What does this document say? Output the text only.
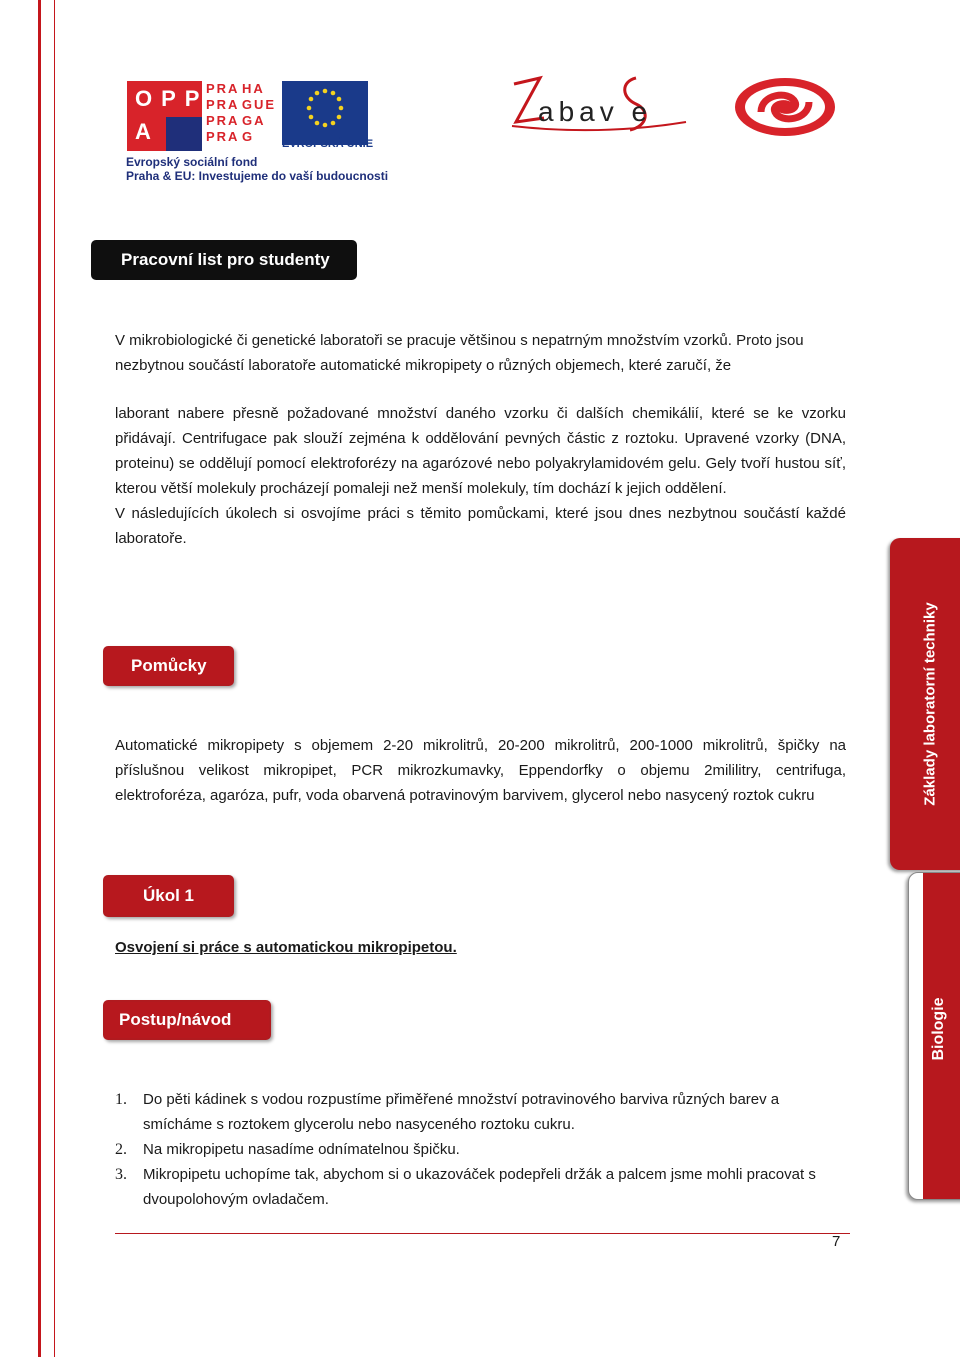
OPP
A
PRA HA
PRA GUE
PRA GA
PRA G	EVROPSKÁ UNIE
Evropský sociální fond
Praha & EU: Investujeme do vaší budoucnosti
abav e
Pracovní list pro studenty
V mikrobiologické či genetické laboratoři se pracuje většinou s nepatrným množstvím vzorků. Proto jsou nezbytnou součástí laboratoře automatické mikropipety o různých objemech, které zaručí, že
laborant nabere přesně požadované množství daného vzorku či dalších chemikálií, které se ke vzorku přidávají. Centrifugace pak slouží zejména k oddělování pevných částic z roztoku. Upravené vzorky (DNA, proteinu) se oddělují pomocí elektroforézy na agarózové nebo polyakrylamidovém gelu. Gely tvoří hustou síť, kterou větší molekuly procházejí pomaleji než menší molekuly, tím dochází k jejich oddělení.
V následujících úkolech si osvojíme práci s těmito pomůckami, které jsou dnes nezbytnou součástí každé laboratoře.
Pomůcky
Automatické mikropipety s objemem 2-20 mikrolitrů, 20-200 mikrolitrů, 200-1000 mikrolitrů, špičky na příslušnou velikost mikropipet, PCR mikrozkumavky, Eppendorfky o objemu 2mililitry, centrifuga, elektroforéza, agaróza, pufr, voda obarvená potravinovým barvivem, glycerol nebo nasycený roztok cukru
Úkol 1
Osvojení si práce s automatickou mikropipetou.
Postup/návod
1. Do pěti kádinek s vodou rozpustíme přiměřené množství potravinového barviva různých barev a smícháme s roztokem glycerolu nebo nasyceného roztoku cukru.
2. Na mikropipetu nasadíme odnímatelnou špičku.
3. Mikropipetu uchopíme tak, abychom si o ukazováček podepřeli držák a palcem jsme mohli pracovat s dvoupolohovým ovladačem.
Základy laboratorní techniky
Biologie
7
